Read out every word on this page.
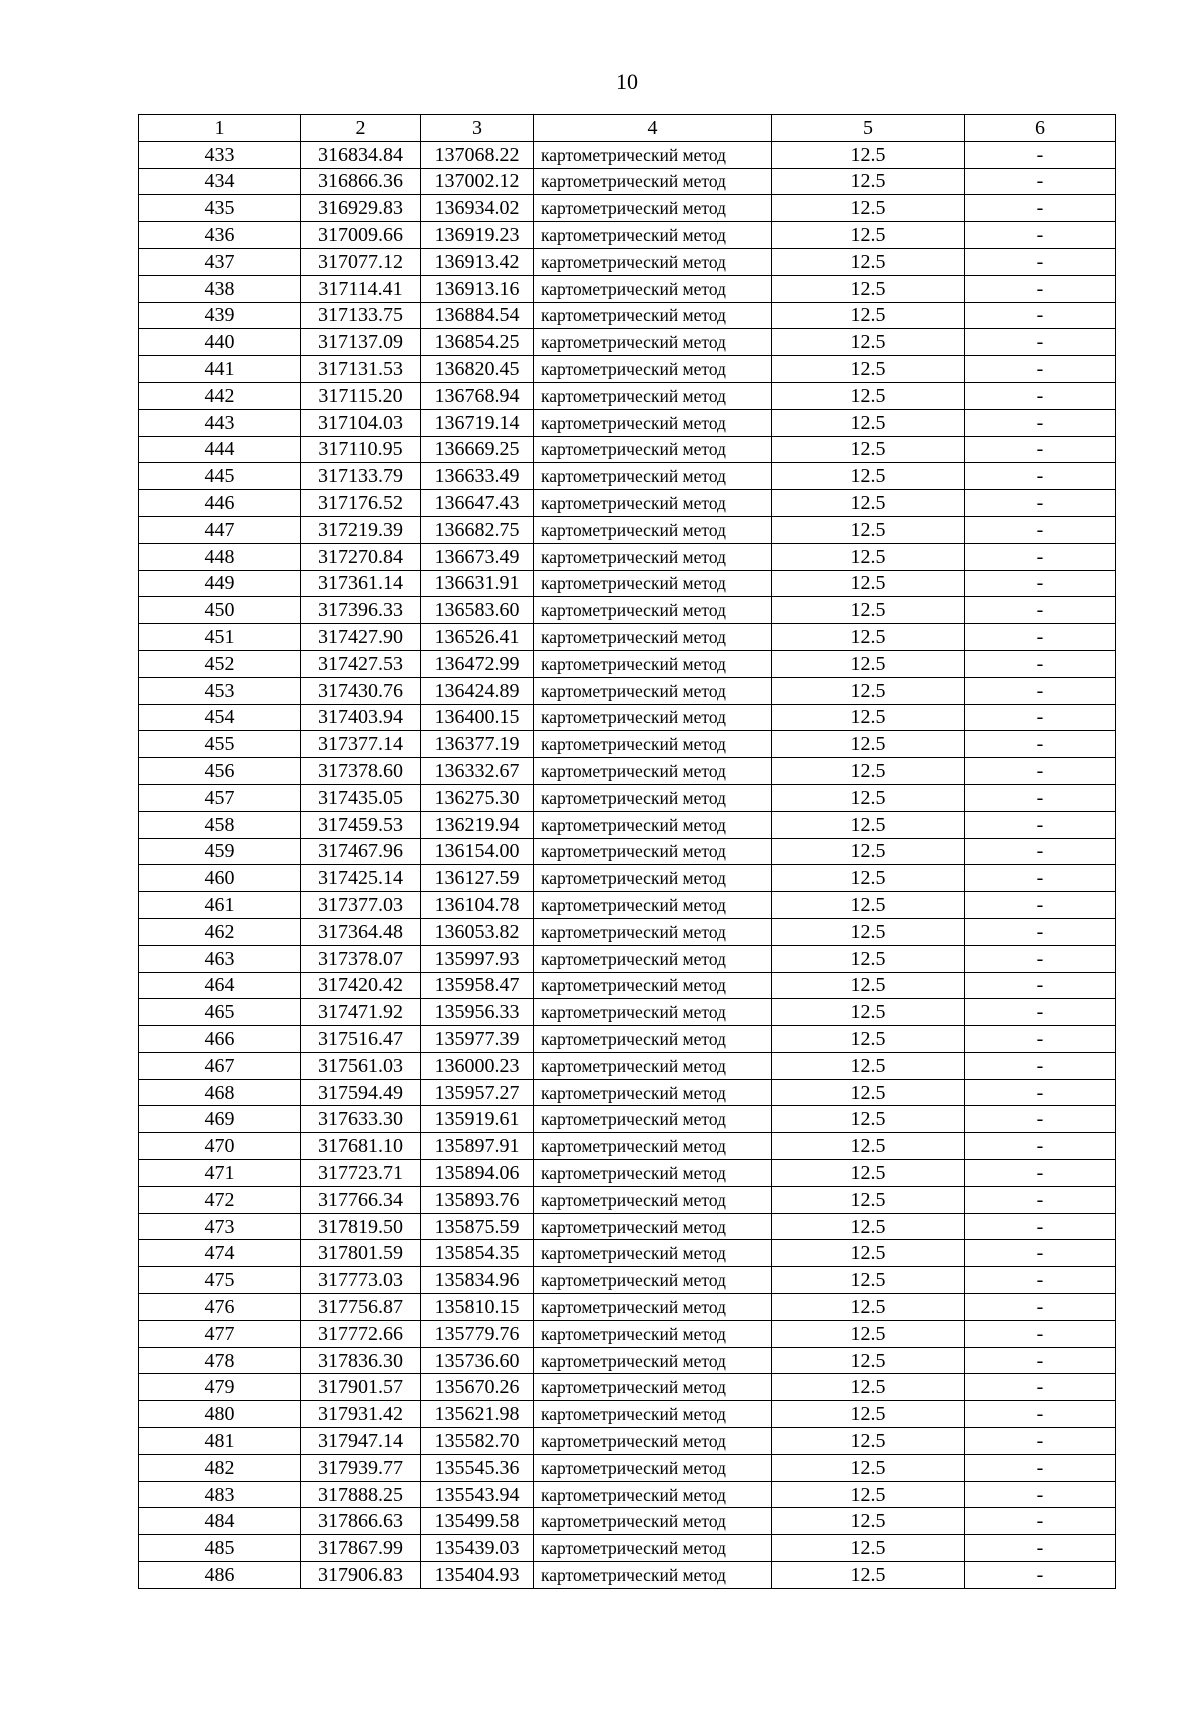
10
1	2	3	4	5	6
433	316834.84	137068.22	картометрический метод	12.5	-
434	316866.36	137002.12	картометрический метод	12.5	-
435	316929.83	136934.02	картометрический метод	12.5	-
436	317009.66	136919.23	картометрический метод	12.5	-
437	317077.12	136913.42	картометрический метод	12.5	-
438	317114.41	136913.16	картометрический метод	12.5	-
439	317133.75	136884.54	картометрический метод	12.5	-
440	317137.09	136854.25	картометрический метод	12.5	-
441	317131.53	136820.45	картометрический метод	12.5	-
442	317115.20	136768.94	картометрический метод	12.5	-
443	317104.03	136719.14	картометрический метод	12.5	-
444	317110.95	136669.25	картометрический метод	12.5	-
445	317133.79	136633.49	картометрический метод	12.5	-
446	317176.52	136647.43	картометрический метод	12.5	-
447	317219.39	136682.75	картометрический метод	12.5	-
448	317270.84	136673.49	картометрический метод	12.5	-
449	317361.14	136631.91	картометрический метод	12.5	-
450	317396.33	136583.60	картометрический метод	12.5	-
451	317427.90	136526.41	картометрический метод	12.5	-
452	317427.53	136472.99	картометрический метод	12.5	-
453	317430.76	136424.89	картометрический метод	12.5	-
454	317403.94	136400.15	картометрический метод	12.5	-
455	317377.14	136377.19	картометрический метод	12.5	-
456	317378.60	136332.67	картометрический метод	12.5	-
457	317435.05	136275.30	картометрический метод	12.5	-
458	317459.53	136219.94	картометрический метод	12.5	-
459	317467.96	136154.00	картометрический метод	12.5	-
460	317425.14	136127.59	картометрический метод	12.5	-
461	317377.03	136104.78	картометрический метод	12.5	-
462	317364.48	136053.82	картометрический метод	12.5	-
463	317378.07	135997.93	картометрический метод	12.5	-
464	317420.42	135958.47	картометрический метод	12.5	-
465	317471.92	135956.33	картометрический метод	12.5	-
466	317516.47	135977.39	картометрический метод	12.5	-
467	317561.03	136000.23	картометрический метод	12.5	-
468	317594.49	135957.27	картометрический метод	12.5	-
469	317633.30	135919.61	картометрический метод	12.5	-
470	317681.10	135897.91	картометрический метод	12.5	-
471	317723.71	135894.06	картометрический метод	12.5	-
472	317766.34	135893.76	картометрический метод	12.5	-
473	317819.50	135875.59	картометрический метод	12.5	-
474	317801.59	135854.35	картометрический метод	12.5	-
475	317773.03	135834.96	картометрический метод	12.5	-
476	317756.87	135810.15	картометрический метод	12.5	-
477	317772.66	135779.76	картометрический метод	12.5	-
478	317836.30	135736.60	картометрический метод	12.5	-
479	317901.57	135670.26	картометрический метод	12.5	-
480	317931.42	135621.98	картометрический метод	12.5	-
481	317947.14	135582.70	картометрический метод	12.5	-
482	317939.77	135545.36	картометрический метод	12.5	-
483	317888.25	135543.94	картометрический метод	12.5	-
484	317866.63	135499.58	картометрический метод	12.5	-
485	317867.99	135439.03	картометрический метод	12.5	-
486	317906.83	135404.93	картометрический метод	12.5	-
